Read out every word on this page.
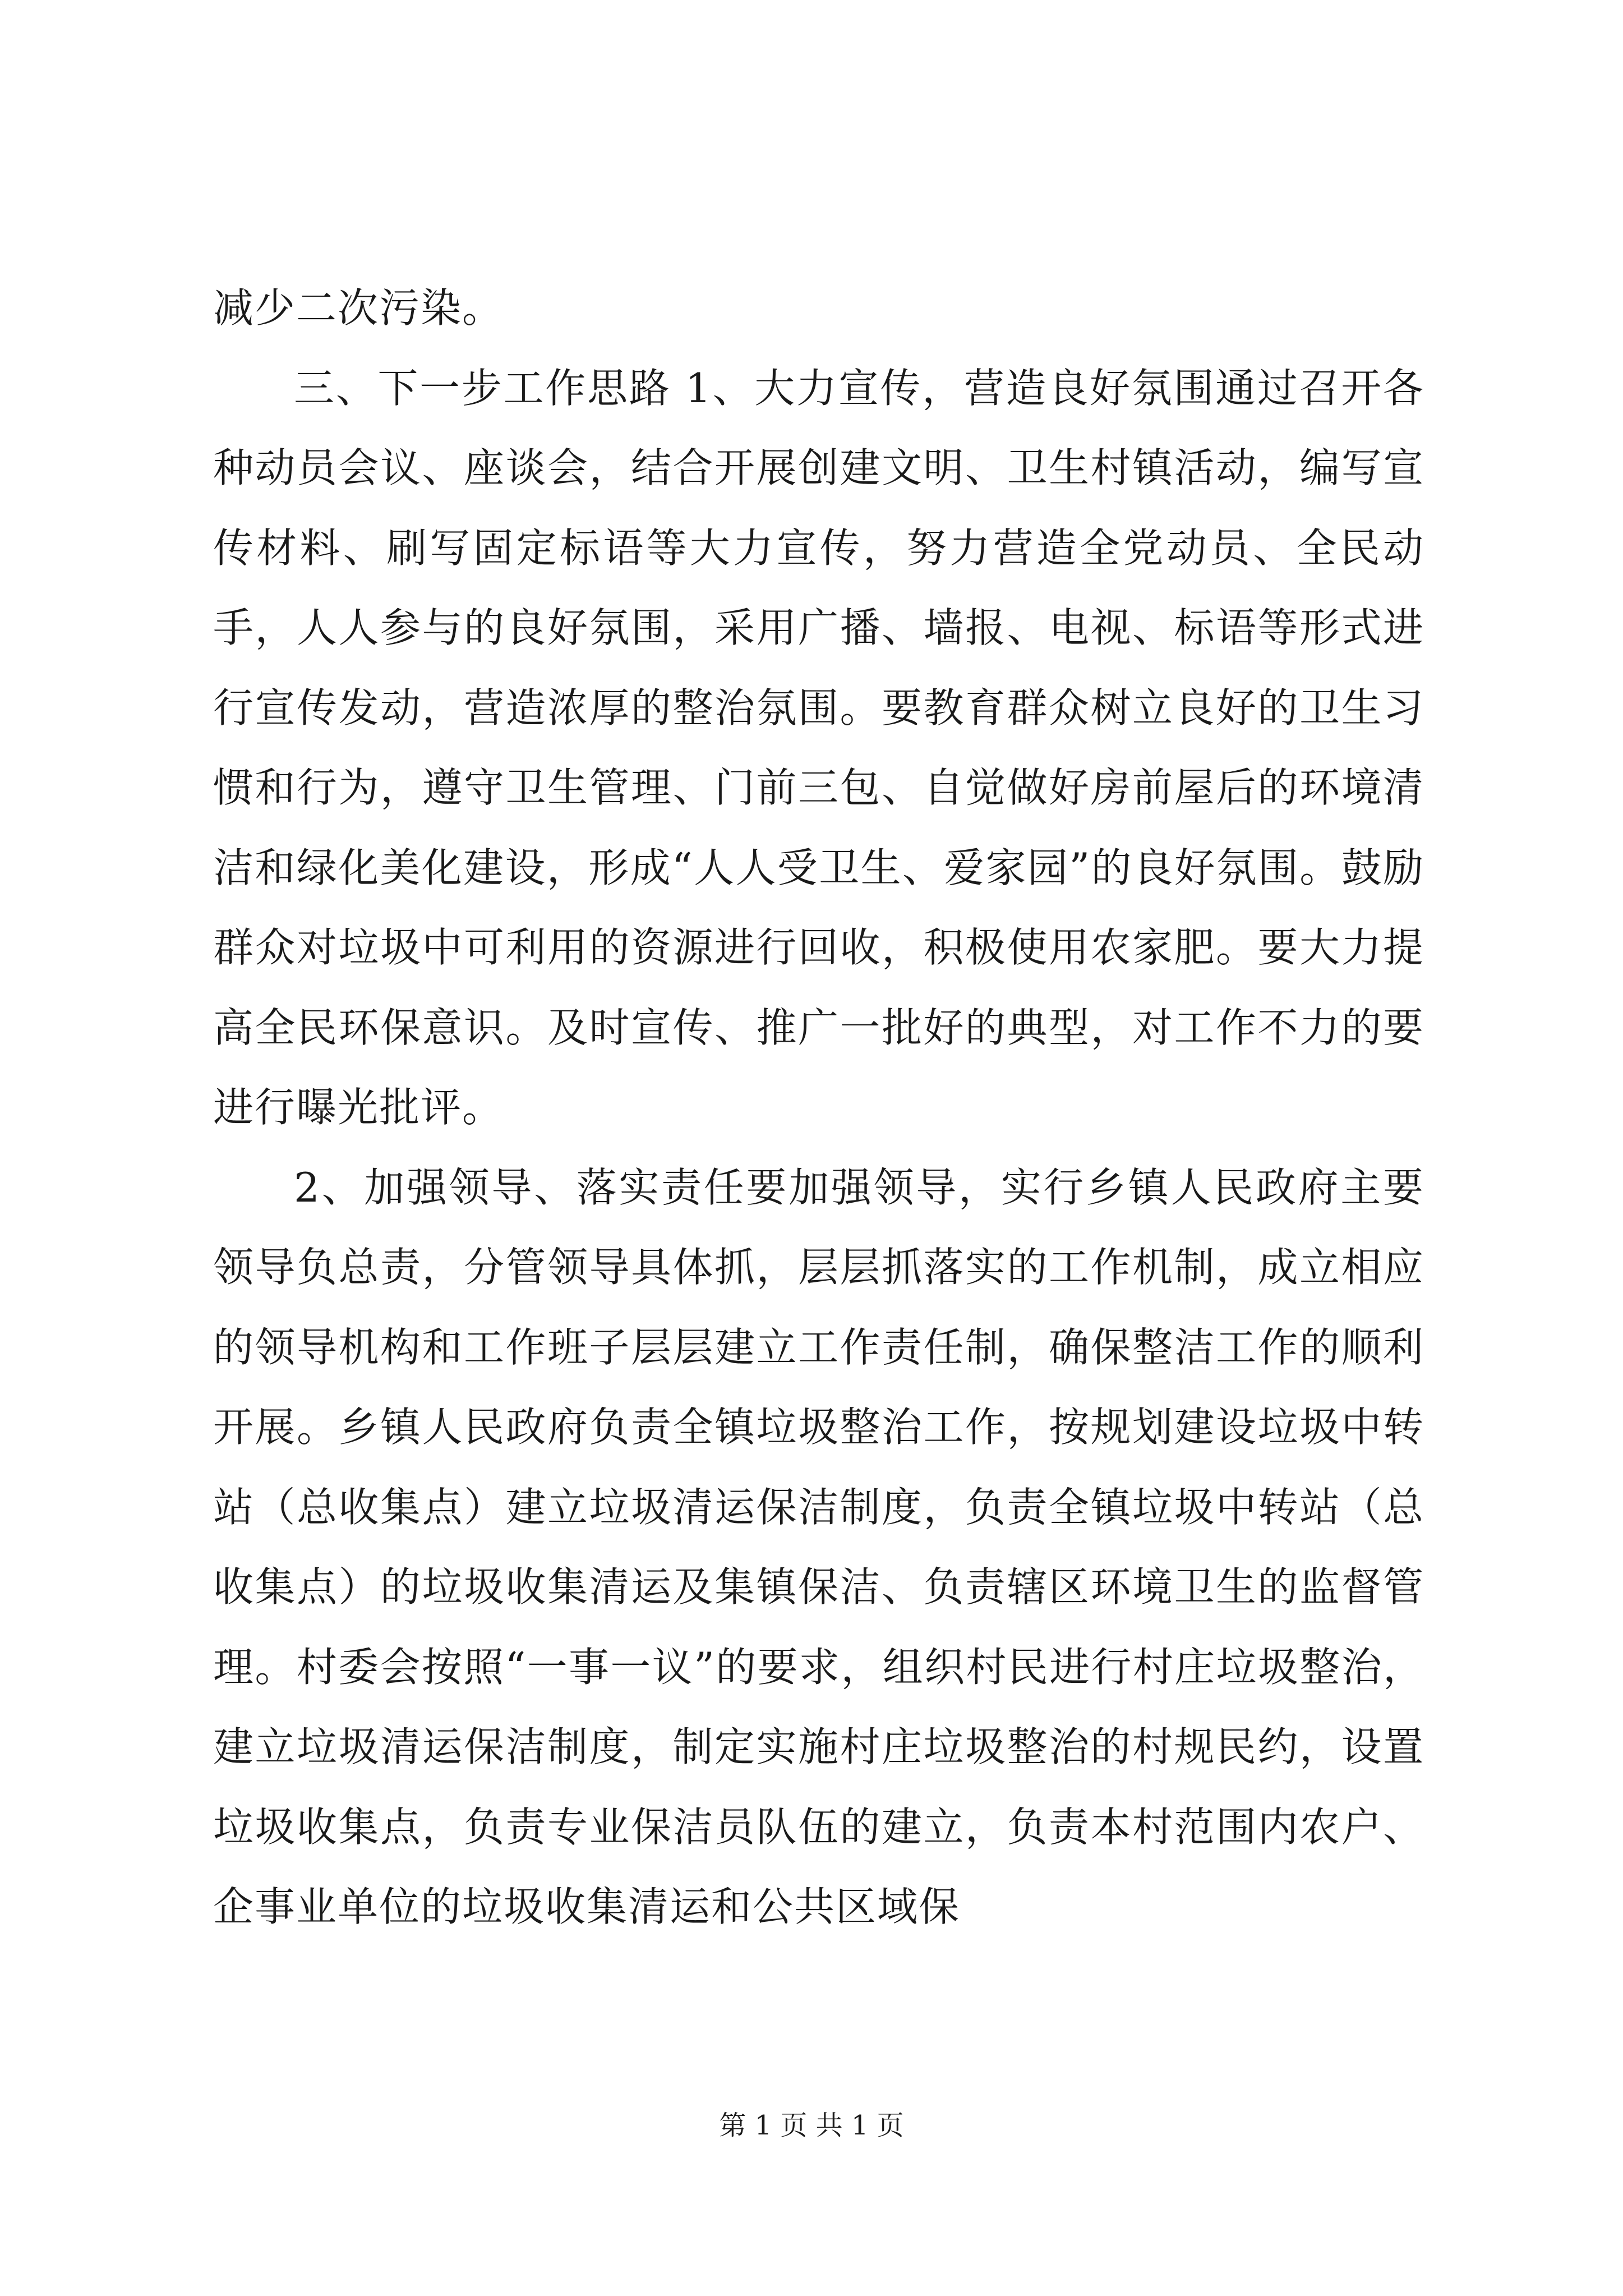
减少二次污染。

三、下一步工作思路 1、大力宣传，营造良好氛围通过召开各种动员会议、座谈会，结合开展创建文明、卫生村镇活动，编写宣传材料、刷写固定标语等大力宣传，努力营造全党动员、全民动手，人人参与的良好氛围，采用广播、墙报、电视、标语等形式进行宣传发动，营造浓厚的整治氛围。要教育群众树立良好的卫生习惯和行为，遵守卫生管理、门前三包、自觉做好房前屋后的环境清洁和绿化美化建设，形成“人人受卫生、爱家园”的良好氛围。鼓励群众对垃圾中可利用的资源进行回收，积极使用农家肥。要大力提高全民环保意识。及时宣传、推广一批好的典型，对工作不力的要进行曝光批评。

2、加强领导、落实责任要加强领导，实行乡镇人民政府主要领导负总责，分管领导具体抓，层层抓落实的工作机制，成立相应的领导机构和工作班子层层建立工作责任制，确保整洁工作的顺利开展。乡镇人民政府负责全镇垃圾整治工作，按规划建设垃圾中转站（总收集点）建立垃圾清运保洁制度，负责全镇垃圾中转站（总收集点）的垃圾收集清运及集镇保洁、负责辖区环境卫生的监督管理。村委会按照“一事一议”的要求，组织村民进行村庄垃圾整治，建立垃圾清运保洁制度，制定实施村庄垃圾整治的村规民约，设置垃圾收集点，负责专业保洁员队伍的建立，负责本村范围内农户、企事业单位的垃圾收集清运和公共区域保

第 1 页 共 1 页
